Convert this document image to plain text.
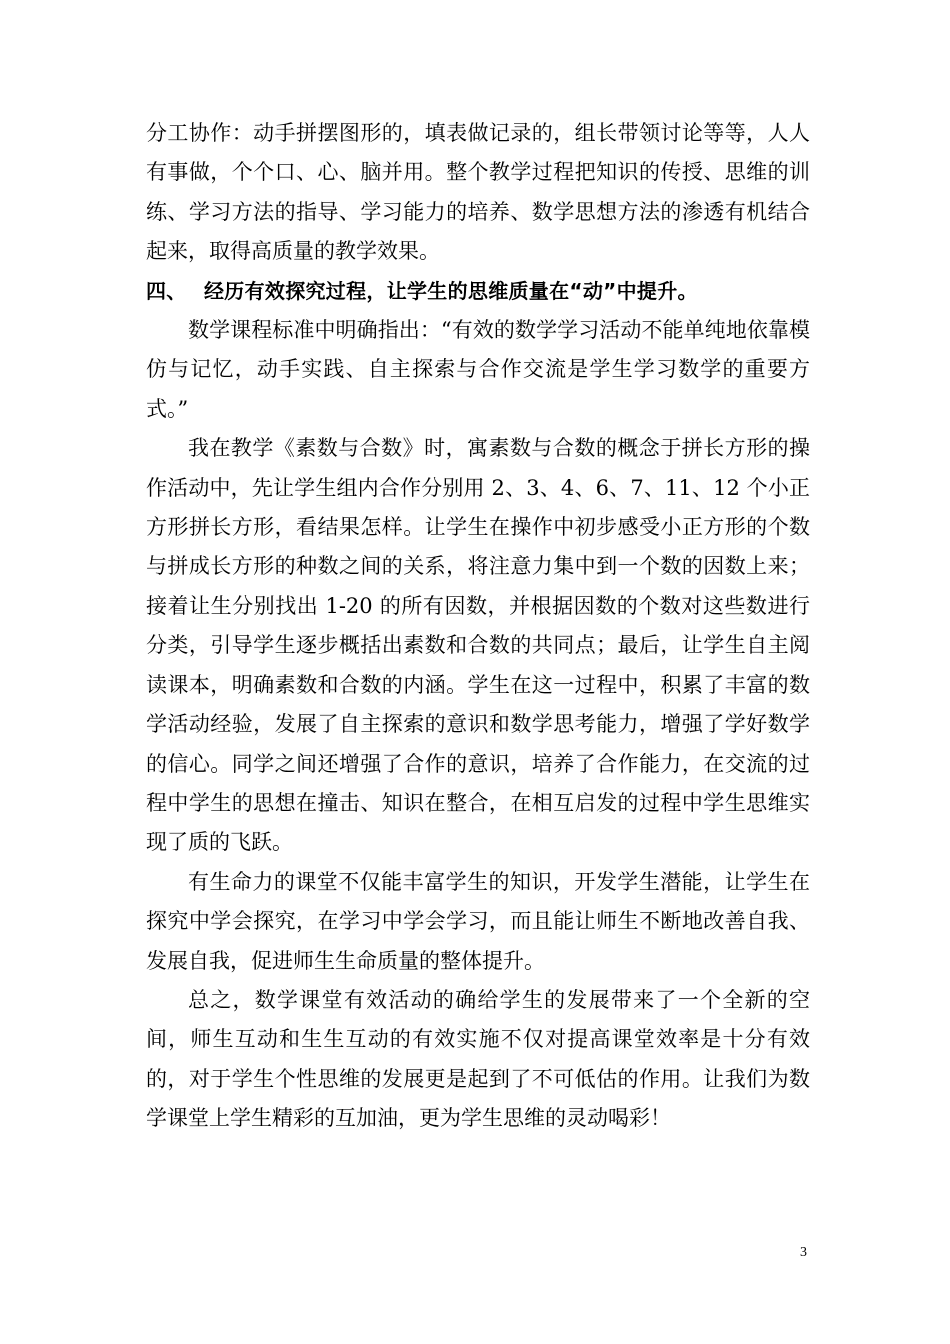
分工协作：动手拼摆图形的，填表做记录的，组长带领讨论等等，人人有事做，个个口、心、脑并用。整个教学过程把知识的传授、思维的训练、学习方法的指导、学习能力的培养、数学思想方法的渗透有机结合起来，取得高质量的教学效果。

四、 经历有效探究过程，让学生的思维质量在“动”中提升。

数学课程标准中明确指出：“有效的数学学习活动不能单纯地依靠模仿与记忆，动手实践、自主探索与合作交流是学生学习数学的重要方式。”

我在教学《素数与合数》时，寓素数与合数的概念于拼长方形的操作活动中，先让学生组内合作分别用 2、3、4、6、7、11、12 个小正方形拼长方形，看结果怎样。让学生在操作中初步感受小正方形的个数与拼成长方形的种数之间的关系，将注意力集中到一个数的因数上来；接着让生分别找出 1-20 的所有因数，并根据因数的个数对这些数进行分类，引导学生逐步概括出素数和合数的共同点；最后，让学生自主阅读课本，明确素数和合数的内涵。学生在这一过程中，积累了丰富的数学活动经验，发展了自主探索的意识和数学思考能力，增强了学好数学的信心。同学之间还增强了合作的意识，培养了合作能力，在交流的过程中学生的思想在撞击、知识在整合，在相互启发的过程中学生思维实现了质的飞跃。

有生命力的课堂不仅能丰富学生的知识，开发学生潜能，让学生在探究中学会探究，在学习中学会学习，而且能让师生不断地改善自我、发展自我，促进师生生命质量的整体提升。

总之，数学课堂有效活动的确给学生的发展带来了一个全新的空间，师生互动和生生互动的有效实施不仅对提高课堂效率是十分有效的，对于学生个性思维的发展更是起到了不可低估的作用。让我们为数学课堂上学生精彩的互加油，更为学生思维的灵动喝彩！

3
